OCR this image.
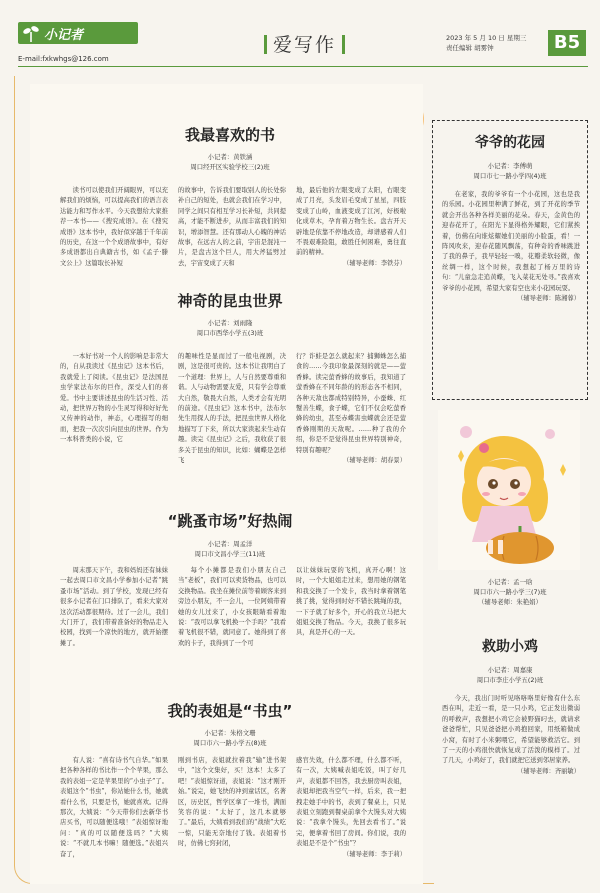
小记者
E-mail:fxkwhgs@126.com
爱写作	2023 年 5 月 10 日 星期三
责任编辑 胡雾钟	B5
我最喜欢的书
小记者：黄铁涵
周口经开区实验学校三(2)班

读书可以使我们开阔眼界，可以充解我们的烦恼，可以提高我们的语言表达能力和写作水平。今天我想给大家推荐一本书——《搜究成语》。在《搜究成语》这本书中，我好似穿越于千年前的历史，在这一个个成语故事中，有好多成语都出自典籍古书，如《孟子·滕文公上》这篇取长补短

的故事中，告诉我们要取别人的长处弥补自己的短处，也就会我们在学习中，同学之间只有相互学习长补短，共同提高，才能不断进步，从而丰富我们的知识，增添智慧。还有那动人心魄的神话故事，在远古人的之前，宇宙是混沌一片，是盘古这个巨人，用大斧猛劈过去，宇宙变成了天和

地，最后他的左眼变成了太阳，右眼变成了月亮，头发眉毛变成了星星，四肢变成了山岭，血液变成了江河，好极啦化成草木，孕育着万物生长。盘古开天辟地是依靠不停地改造，却谱感着人们不畏艰难险阻，敢胜任何困难，勇往直前的精神。

（辅导老师：李铁芬）
神奇的昆虫世界
小记者：刘雨隆
周口市西华小学五(3)班

一本好书对一个人的影响是非常大的，自从我读过《昆虫记》这本书后，我就爱上了阅读。《昆虫记》是法国昆虫学家法布尔的巨作，深受人们的喜爱。书中主要讲述昆虫的生活习性、活动，把世界万物的小生灵写得和好好先又传神的动作，神态，心理描写的细而，把我一次次引向昆虫的世界。作为一本科普类的小说，它

的趣味性是显而过了一般电视剧，决剧，这是很可贵的。这本书让我明白了一个道理：世界上，人与自然要尊重和谐。人与动物需要友爱，只有学会尊重大自然，敬畏大自然，人类才会有光明的前途。《昆虫记》这本书中，法布尔先生用探人的手法，把昆虫世界人格化地描写了下来，所以大家读起来生动有趣。读完《昆虫记》之后，我收获了很多关于昆虫的知识，比如：蝴蝶是怎样飞

行？诈蛙是怎么就起来？捕狮蛛怎么捕食的……今我印象最深刻的就是——萤香蜂。读完萤香蜂的故事后，我知道了萤香蜂在不同年龄的的形态各不相同，各种天敌也都成特别特异，小蚕蛛、红蟹善生蝶，食子蝶，它们不仅会吃萤香蜂的幼虫，甚至赤蝶害虫蝶就会还是萤香蜂刚期的天敌呢。……种了我的介绍，你是不是觉得昆虫世界特别神奇，特别有趣呢？

（辅导老师：胡春景）
“跳蚤市场”好热闹
小记者：周孟洋
周口市文昌小学三(11)班

周末那天下午，我和妈妈还有妹妹一起去周口市文昌小学参加小记者“跳蚤市场”活动。到了学校，发现已经有很多小记者在门口排队了，看来大家对这次活动都很期待。过了一会儿，我们大门开了，我们带着准备好的物品走入校园，找到一个凉快的地方，就开始摆摊了。

每个小摊都是我们小朋友自己当“老板”，我们可以卖货物品，也可以交换物品。我坐在摊位前等着顾客来到旁边小朋友，不一会儿，一位阿姨带着她的女儿过来了，小女孩眼睛看着地说：“我可以拿飞机换一个手吗？”我看着飞机很不错，就同意了。她得到了喜欢的卡子，我得到了一个可

以让妹妹玩耍的飞机，真开心啊！这时，一个大姐姐走过来，想用她的钢笔和我交换了一个发卡，我当时拿着钢笔挑了挑，觉得到时好不错长跳绳的我，一下子就了好多个，开心的我立马把大姐姐交换了物品。今天，我换了很多玩具，真是开心的一天。

我的表姐是“书虫”
小记者：朱格文珊
周口市六一路小学五(8)班

有人说：“喜有诗书气自华。”如果把各种各样的书比作一个个苹果，那么我的表姐一定是苹果里的“小虫子”了。表姐这个“书虫”，你站她什么书，她就看什么书，只要是书，她就喜欢。记得那次，大姨说：“今天带你们去新华书店买书，可以随便选哦！”表姐惊讶地问：“真的可以随便选吗？”大姨说：“不就几本书嘛！随便选。”表姐兴奋了，

刚到书店，表姐就拉着我“输”进书架中，“这个文集好，买！这本！太多了吧！”表姐惊讶道，表姐说：“这才刚开始。”说完，她飞快的冲到童话区，名著区，历史区，哲学区拿了一堆书，满面笑容的说：“太好了，这几本就够了。”最后，大姨看到我们的“战绩”大吃一惊，只能无奈地付了钱。表姐着书时，仿佛七窍封闭，

感官失效，什么都不理，什么都不听，有一次，大姨喊表姐吃饭，叫了好几声，表姐都不回答，我去厨房叫表姐，表姐却把我当空气一样，后来，我一把拽走她手中的书，表到了餐桌上，只见表姐立刻跑到餐桌前拿个大馒头对大姨说：“我拿个馒头，先回去看书了。”说完，便拿着书回了房间。你们说，我的表姐是不是个“书虫”？

（辅导老师：李于莉）
爷爷的花园
小记者：李傅萌
周口市七一路小学四(4)班

在老家，我的爷爷有一个小花园，这也是我的乐园。小花园里种满了鲜花，到了开花的季节就会开出各种各样美丽的花朵。春天，金黄色的迎春花开了，在阳光下显得格外耀眼，它们紧挨着，仿佛在向谁炫耀她们美丽的小脸蛋，看！一阵风吹来，迎春花随风飘荡，有种奇的香味跳进了我的鼻子，我早轻轻一嗅，花瓣柔软轻微，像丝绸一样，这个时候，我想起了杨万里的诗句：“儿童急走追黄蝶，飞入菜花无处寻。”我喜欢爷爷的小花园，希望大家有空也来小花园玩耍。

（辅导老师：陈湘蓉）
小记者：孟一晗
周口市六一路小学三(7)班
（辅导老师：朱艳娟）
救助小鸡
小记者：周嘉康
周口市李庄小学五(2)班

今天，我出门时听见咯咯咯里好像有什么东西在叫，走近一看，是一只小鸡，它正发出微弱的呼救声，我想把小鸡它会被野猫叼去，就请求爸爸帮忙，只见爸爸把小鸡抱回家，用纸箱做成小窝，有时了小米粥喂它，希望能够救活它。到了一天的小鸡很快就恢复成了活泼的模样了。过了几天，小鸡好了，我们就把它送到邻居家养。

（辅导老师：齐丽敏）
